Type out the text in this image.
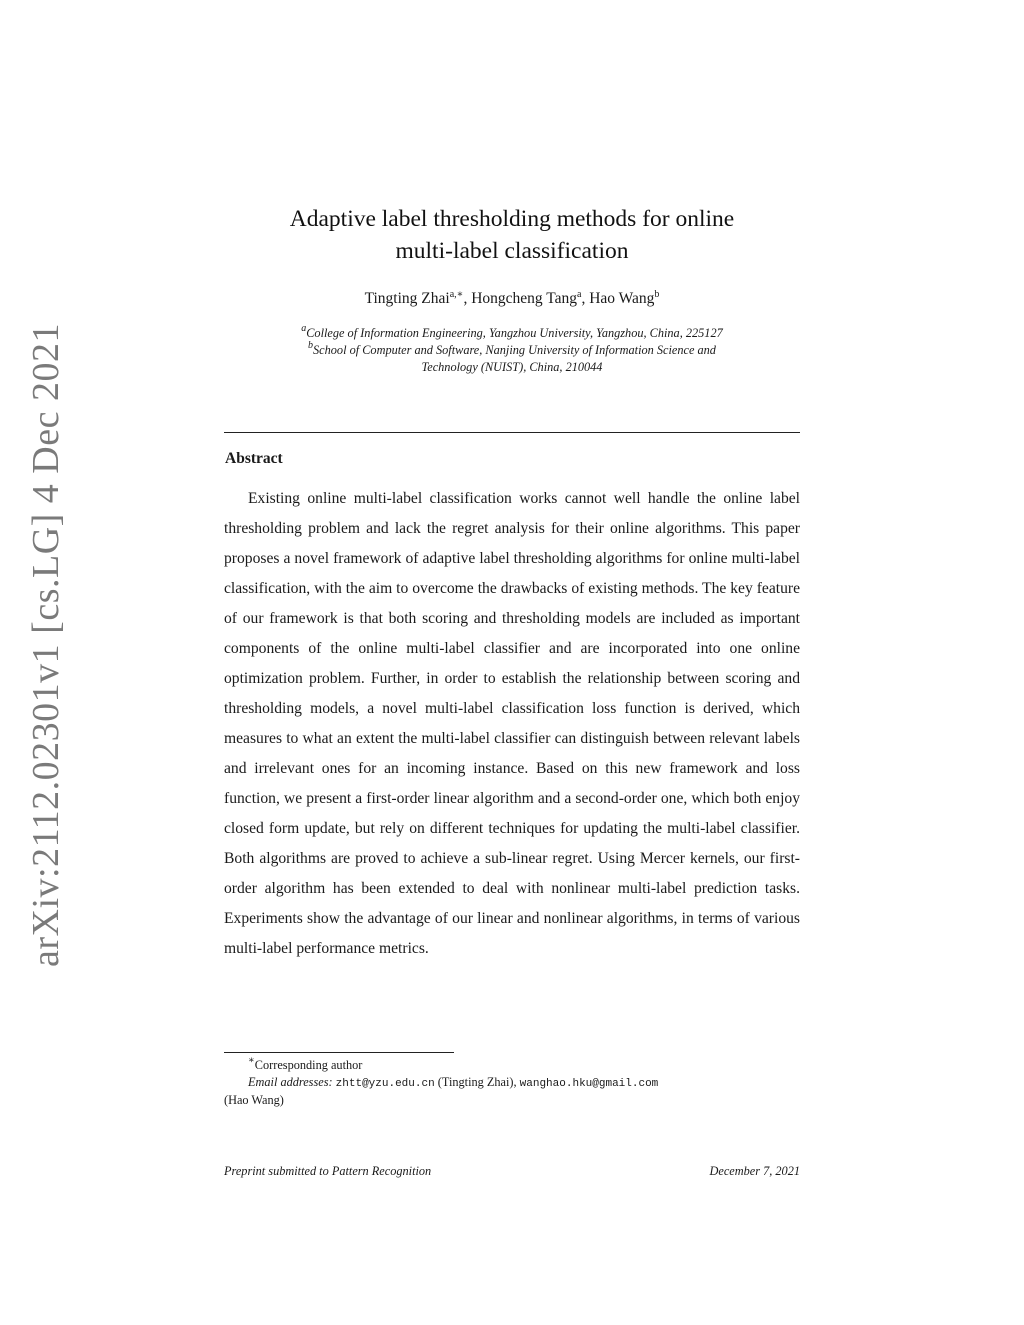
arXiv:2112.02301v1 [cs.LG] 4 Dec 2021
Adaptive label thresholding methods for online
multi-label classification
Tingting Zhai$^{a,∗}$, Hongcheng Tang$^a$, Hao Wang$^b$
$^a$College of Information Engineering, Yangzhou University, Yangzhou, China, 225127
$^b$School of Computer and Software, Nanjing University of Information Science and
Technology (NUIST), China, 210044
Abstract
Existing online multi-label classification works cannot well handle the online label thresholding problem and lack the regret analysis for their online algorithms. This paper proposes a novel framework of adaptive label thresholding algorithms for online multi-label classification, with the aim to overcome the drawbacks of existing methods. The key feature of our framework is that both scoring and thresholding models are included as important components of the online multi-label classifier and are incorporated into one online optimization problem. Further, in order to establish the relationship between scoring and thresholding models, a novel multi-label classification loss function is derived, which measures to what an extent the multi-label classifier can distinguish between relevant labels and irrelevant ones for an incoming instance. Based on this new framework and loss function, we present a first-order linear algorithm and a second-order one, which both enjoy closed form update, but rely on different techniques for updating the multi-label classifier. Both algorithms are proved to achieve a sub-linear regret. Using Mercer kernels, our first-order algorithm has been extended to deal with nonlinear multi-label prediction tasks. Experiments show the advantage of our linear and nonlinear algorithms, in terms of various multi-label performance metrics.
∗Corresponding author
Email addresses: zhtt@yzu.edu.cn (Tingting Zhai), wanghao.hku@gmail.com
(Hao Wang)
Preprint submitted to Pattern Recognition	December 7, 2021
